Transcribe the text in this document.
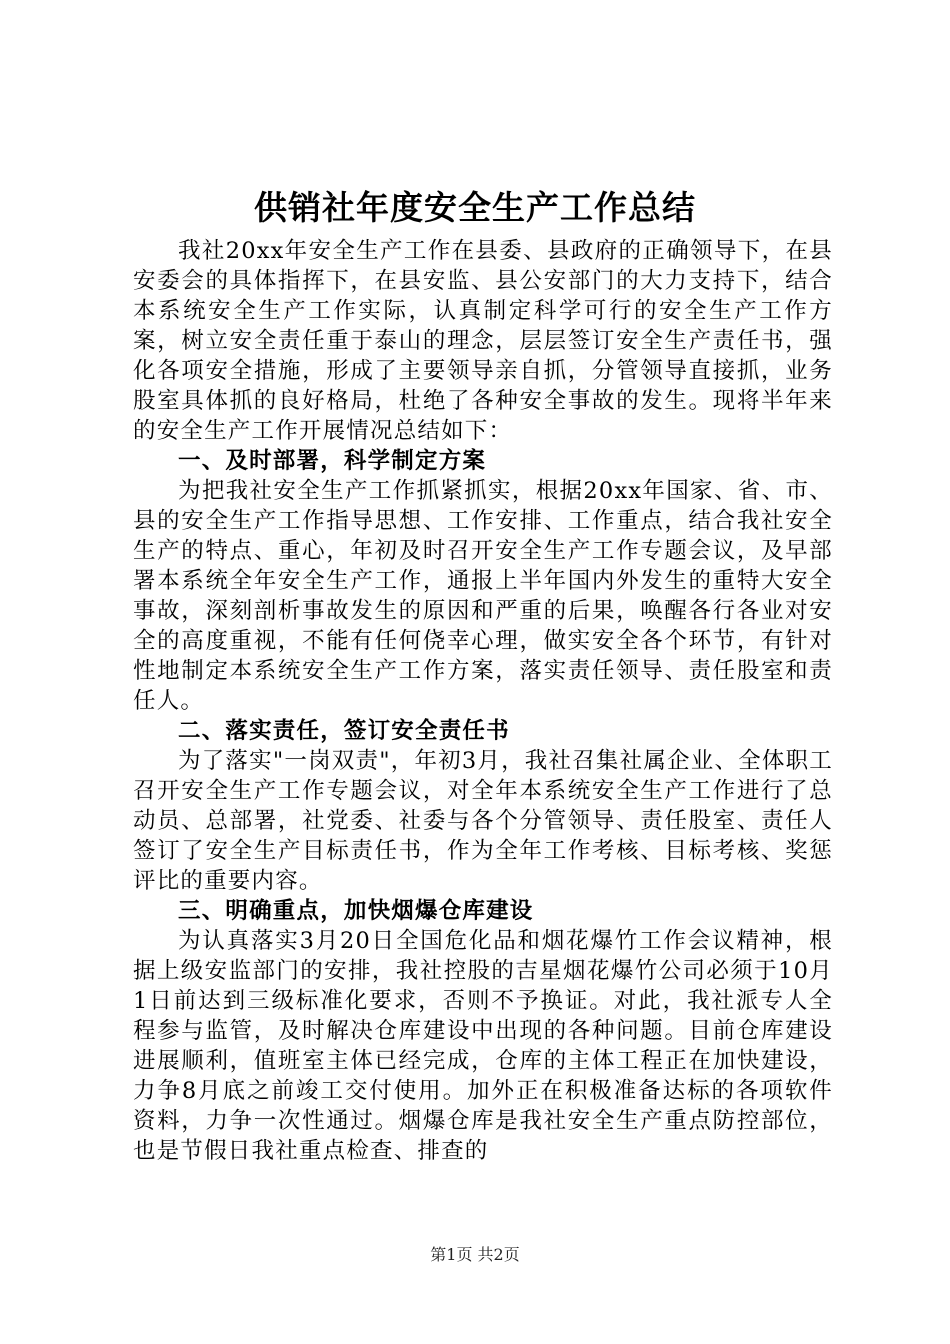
供销社年度安全生产工作总结

我社20xx年安全生产工作在县委、县政府的正确领导下，在县安委会的具体指挥下，在县安监、县公安部门的大力支持下，结合本系统安全生产工作实际，认真制定科学可行的安全生产工作方案，树立安全责任重于泰山的理念，层层签订安全生产责任书，强化各项安全措施，形成了主要领导亲自抓，分管领导直接抓，业务股室具体抓的良好格局，杜绝了各种安全事故的发生。现将半年来的安全生产工作开展情况总结如下：

一、及时部署，科学制定方案

为把我社安全生产工作抓紧抓实，根据20xx年国家、省、市、县的安全生产工作指导思想、工作安排、工作重点，结合我社安全生产的特点、重心，年初及时召开安全生产工作专题会议，及早部署本系统全年安全生产工作，通报上半年国内外发生的重特大安全事故，深刻剖析事故发生的原因和严重的后果，唤醒各行各业对安全的高度重视，不能有任何侥幸心理，做实安全各个环节，有针对性地制定本系统安全生产工作方案，落实责任领导、责任股室和责任人。

二、落实责任，签订安全责任书

为了落实"一岗双责"，年初3月，我社召集社属企业、全体职工召开安全生产工作专题会议，对全年本系统安全生产工作进行了总动员、总部署，社党委、社委与各个分管领导、责任股室、责任人签订了安全生产目标责任书，作为全年工作考核、目标考核、奖惩评比的重要内容。

三、明确重点，加快烟爆仓库建设

为认真落实3月20日全国危化品和烟花爆竹工作会议精神，根据上级安监部门的安排，我社控股的吉星烟花爆竹公司必须于10月1日前达到三级标准化要求，否则不予换证。对此，我社派专人全程参与监管，及时解决仓库建设中出现的各种问题。目前仓库建设进展顺利，值班室主体已经完成，仓库的主体工程正在加快建设，力争8月底之前竣工交付使用。加外正在积极准备达标的各项软件资料，力争一次性通过。烟爆仓库是我社安全生产重点防控部位，也是节假日我社重点检查、排查的

第1页 共2页
